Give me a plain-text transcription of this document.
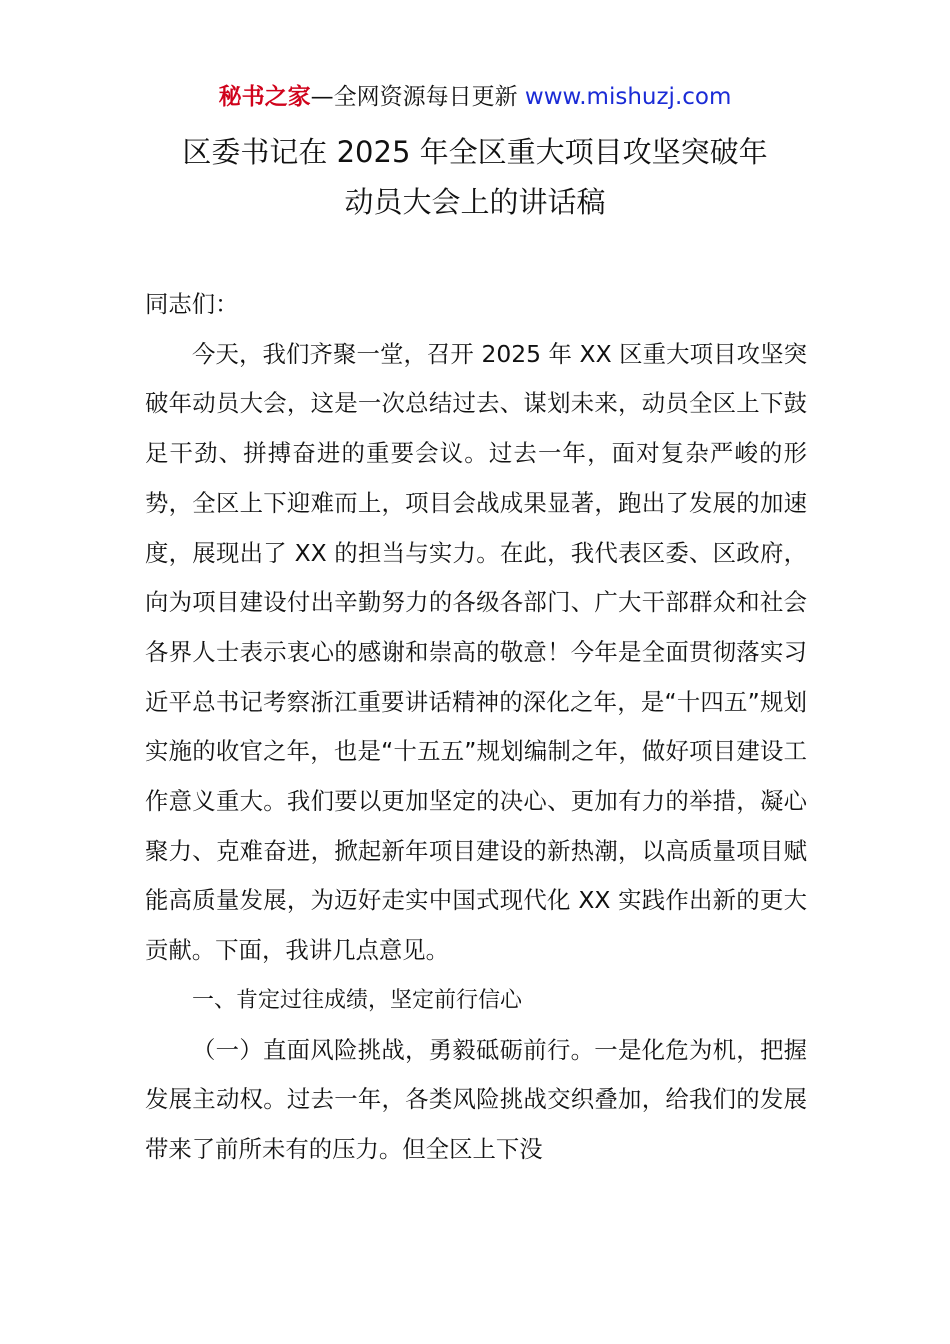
秘书之家—全网资源每日更新 www.mishuzj.com
区委书记在 2025 年全区重大项目攻坚突破年
动员大会上的讲话稿

同志们：

今天，我们齐聚一堂，召开 2025 年 XX 区重大项目攻坚突破年动员大会，这是一次总结过去、谋划未来，动员全区上下鼓足干劲、拼搏奋进的重要会议。过去一年，面对复杂严峻的形势，全区上下迎难而上，项目会战成果显著，跑出了发展的加速度，展现出了 XX 的担当与实力。在此，我代表区委、区政府，向为项目建设付出辛勤努力的各级各部门、广大干部群众和社会各界人士表示衷心的感谢和崇高的敬意！今年是全面贯彻落实习近平总书记考察浙江重要讲话精神的深化之年，是“十四五”规划实施的收官之年，也是“十五五”规划编制之年，做好项目建设工作意义重大。我们要以更加坚定的决心、更加有力的举措，凝心聚力、克难奋进，掀起新年项目建设的新热潮，以高质量项目赋能高质量发展，为迈好走实中国式现代化 XX 实践作出新的更大贡献。下面，我讲几点意见。

一、肯定过往成绩，坚定前行信心

（一）直面风险挑战，勇毅砥砺前行。一是化危为机，把握发展主动权。过去一年，各类风险挑战交织叠加，给我们的发展带来了前所未有的压力。但全区上下没
